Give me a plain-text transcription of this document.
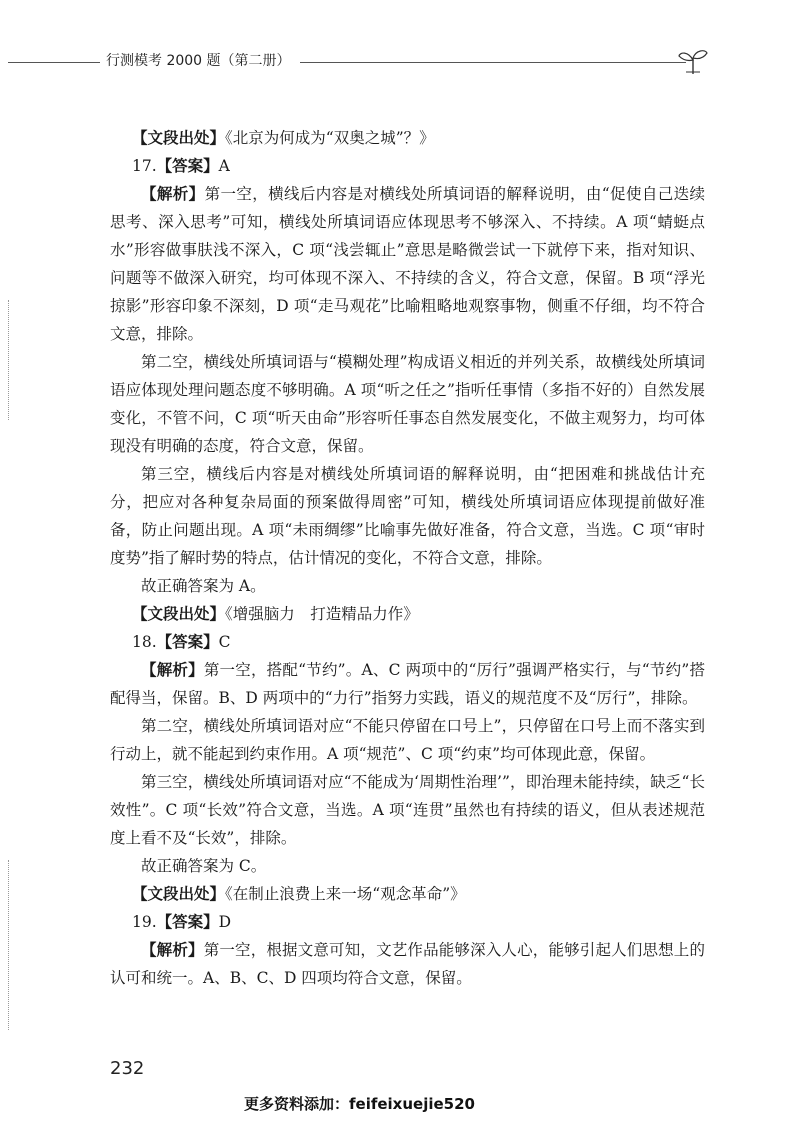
行测模考 2000 题（第二册）

【文段出处】《北京为何成为“双奥之城”？》

17.【答案】A

【解析】第一空，横线后内容是对横线处所填词语的解释说明，由“促使自己迭续思考、深入思考”可知，横线处所填词语应体现思考不够深入、不持续。A 项“蜻蜓点水”形容做事肤浅不深入，C 项“浅尝辄止”意思是略微尝试一下就停下来，指对知识、问题等不做深入研究，均可体现不深入、不持续的含义，符合文意，保留。B 项“浮光掠影”形容印象不深刻，D 项“走马观花”比喻粗略地观察事物，侧重不仔细，均不符合文意，排除。

第二空，横线处所填词语与“模糊处理”构成语义相近的并列关系，故横线处所填词语应体现处理问题态度不够明确。A 项“听之任之”指听任事情（多指不好的）自然发展变化，不管不问，C 项“听天由命”形容听任事态自然发展变化，不做主观努力，均可体现没有明确的态度，符合文意，保留。

第三空，横线后内容是对横线处所填词语的解释说明，由“把困难和挑战估计充分，把应对各种复杂局面的预案做得周密”可知，横线处所填词语应体现提前做好准备，防止问题出现。A 项“未雨绸缪”比喻事先做好准备，符合文意，当选。C 项“审时度势”指了解时势的特点，估计情况的变化，不符合文意，排除。

故正确答案为 A。

【文段出处】《增强脑力　打造精品力作》

18.【答案】C

【解析】第一空，搭配“节约”。A、C 两项中的“厉行”强调严格实行，与“节约”搭配得当，保留。B、D 两项中的“力行”指努力实践，语义的规范度不及“厉行”，排除。

第二空，横线处所填词语对应“不能只停留在口号上”，只停留在口号上而不落实到行动上，就不能起到约束作用。A 项“规范”、C 项“约束”均可体现此意，保留。

第三空，横线处所填词语对应“不能成为‘周期性治理’”，即治理未能持续，缺乏“长效性”。C 项“长效”符合文意，当选。A 项“连贯”虽然也有持续的语义，但从表述规范度上看不及“长效”，排除。

故正确答案为 C。

【文段出处】《在制止浪费上来一场“观念革命”》

19.【答案】D

【解析】第一空，根据文意可知，文艺作品能够深入人心，能够引起人们思想上的认可和统一。A、B、C、D 四项均符合文意，保留。

232
更多资料添加：feifeixuejie520
